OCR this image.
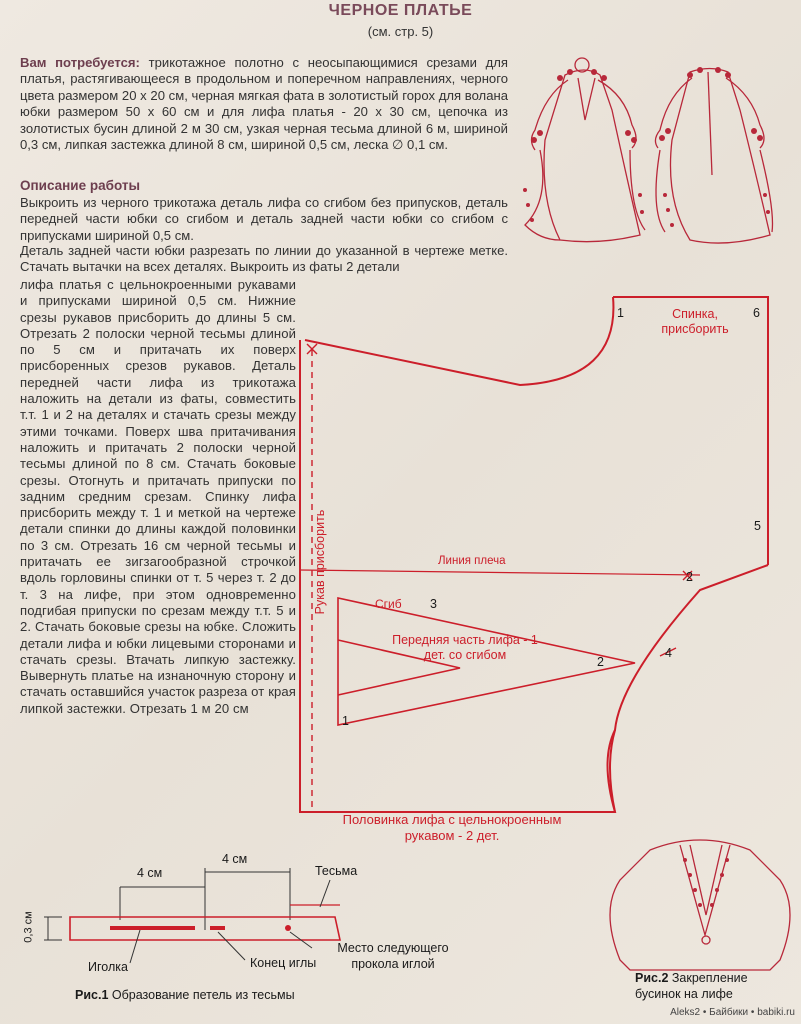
ЧЕРНОЕ ПЛАТЬЕ
(см. стр. 5)
Вам потребуется: трикотажное полотно с неосыпающимися срезами для платья, растягивающееся в продольном и поперечном направлениях, черного цвета размером 20 х 20 см, черная мягкая фата в золотистый горох для волана юбки размером 50 х 60 см и для лифа платья - 20 х 30 см, цепочка из золотистых бусин длиной 2 м 30 см, узкая черная тесьма длиной 6 м, шириной 0,3 см, липкая застежка длиной 8 см, шириной 0,5 см, леска ∅ 0,1 см.
Описание работы
Выкроить из черного трикотажа деталь лифа со сгибом без припусков, деталь передней части юбки со сгибом и деталь задней части юбки со сгибом с припусками шириной 0,5 см.
Деталь задней части юбки разрезать по линии до указанной в чертеже метке. Стачать вытачки на всех деталях. Выкроить из фаты 2 детали
лифа платья с цельнокроенными рукавами и припусками шириной 0,5 см. Нижние срезы рукавов присборить до длины 5 см. Отрезать 2 полоски черной тесьмы длиной по 5 см и притачать их поверх присборенных срезов рукавов. Деталь передней части лифа из трикотажа наложить на детали из фаты, совместить т.т. 1 и 2 на деталях и стачать срезы между этими точками. Поверх шва притачивания наложить и притачать 2 полоски черной тесьмы длиной по 8 см. Стачать боковые срезы. Отогнуть и притачать припуски по задним средним срезам. Спинку лифа присборить между т. 1 и меткой на чертеже детали спинки до длины каждой половинки по 3 см. Отрезать 16 см черной тесьмы и притачать ее зигзагообразной строчкой вдоль горловины спинки от т. 5 через т. 2 до т. 3 на лифе, при этом одновременно подгибая припуски по срезам между т.т. 5 и 2. Стачать боковые срезы на юбке. Сложить детали лифа и юбки лицевыми сторонами и стачать срезы. Втачать липкую застежку. Вывернуть платье на изнаночную сторону и стачать оставшийся участок разреза от края липкой застежки. Отрезать 1 м 20 см
Спинка, присборить
1	6
5
2
4
Линия плеча
Рукав присборить	Сгиб 3
Передняя часть лифа - 1 дет. со сгибом	2
1
Половинка лифа с цельнокроенным рукавом - 2 дет.
4 см
4 см
0,3 см
Тесьма
Иголка	Конец иглы
Место следующего прокола иглой
Рис.1 Образование петель из тесьмы
Рис.2 Закрепление бусинок на лифе
Aleks2 • Байбики • babiki.ru
